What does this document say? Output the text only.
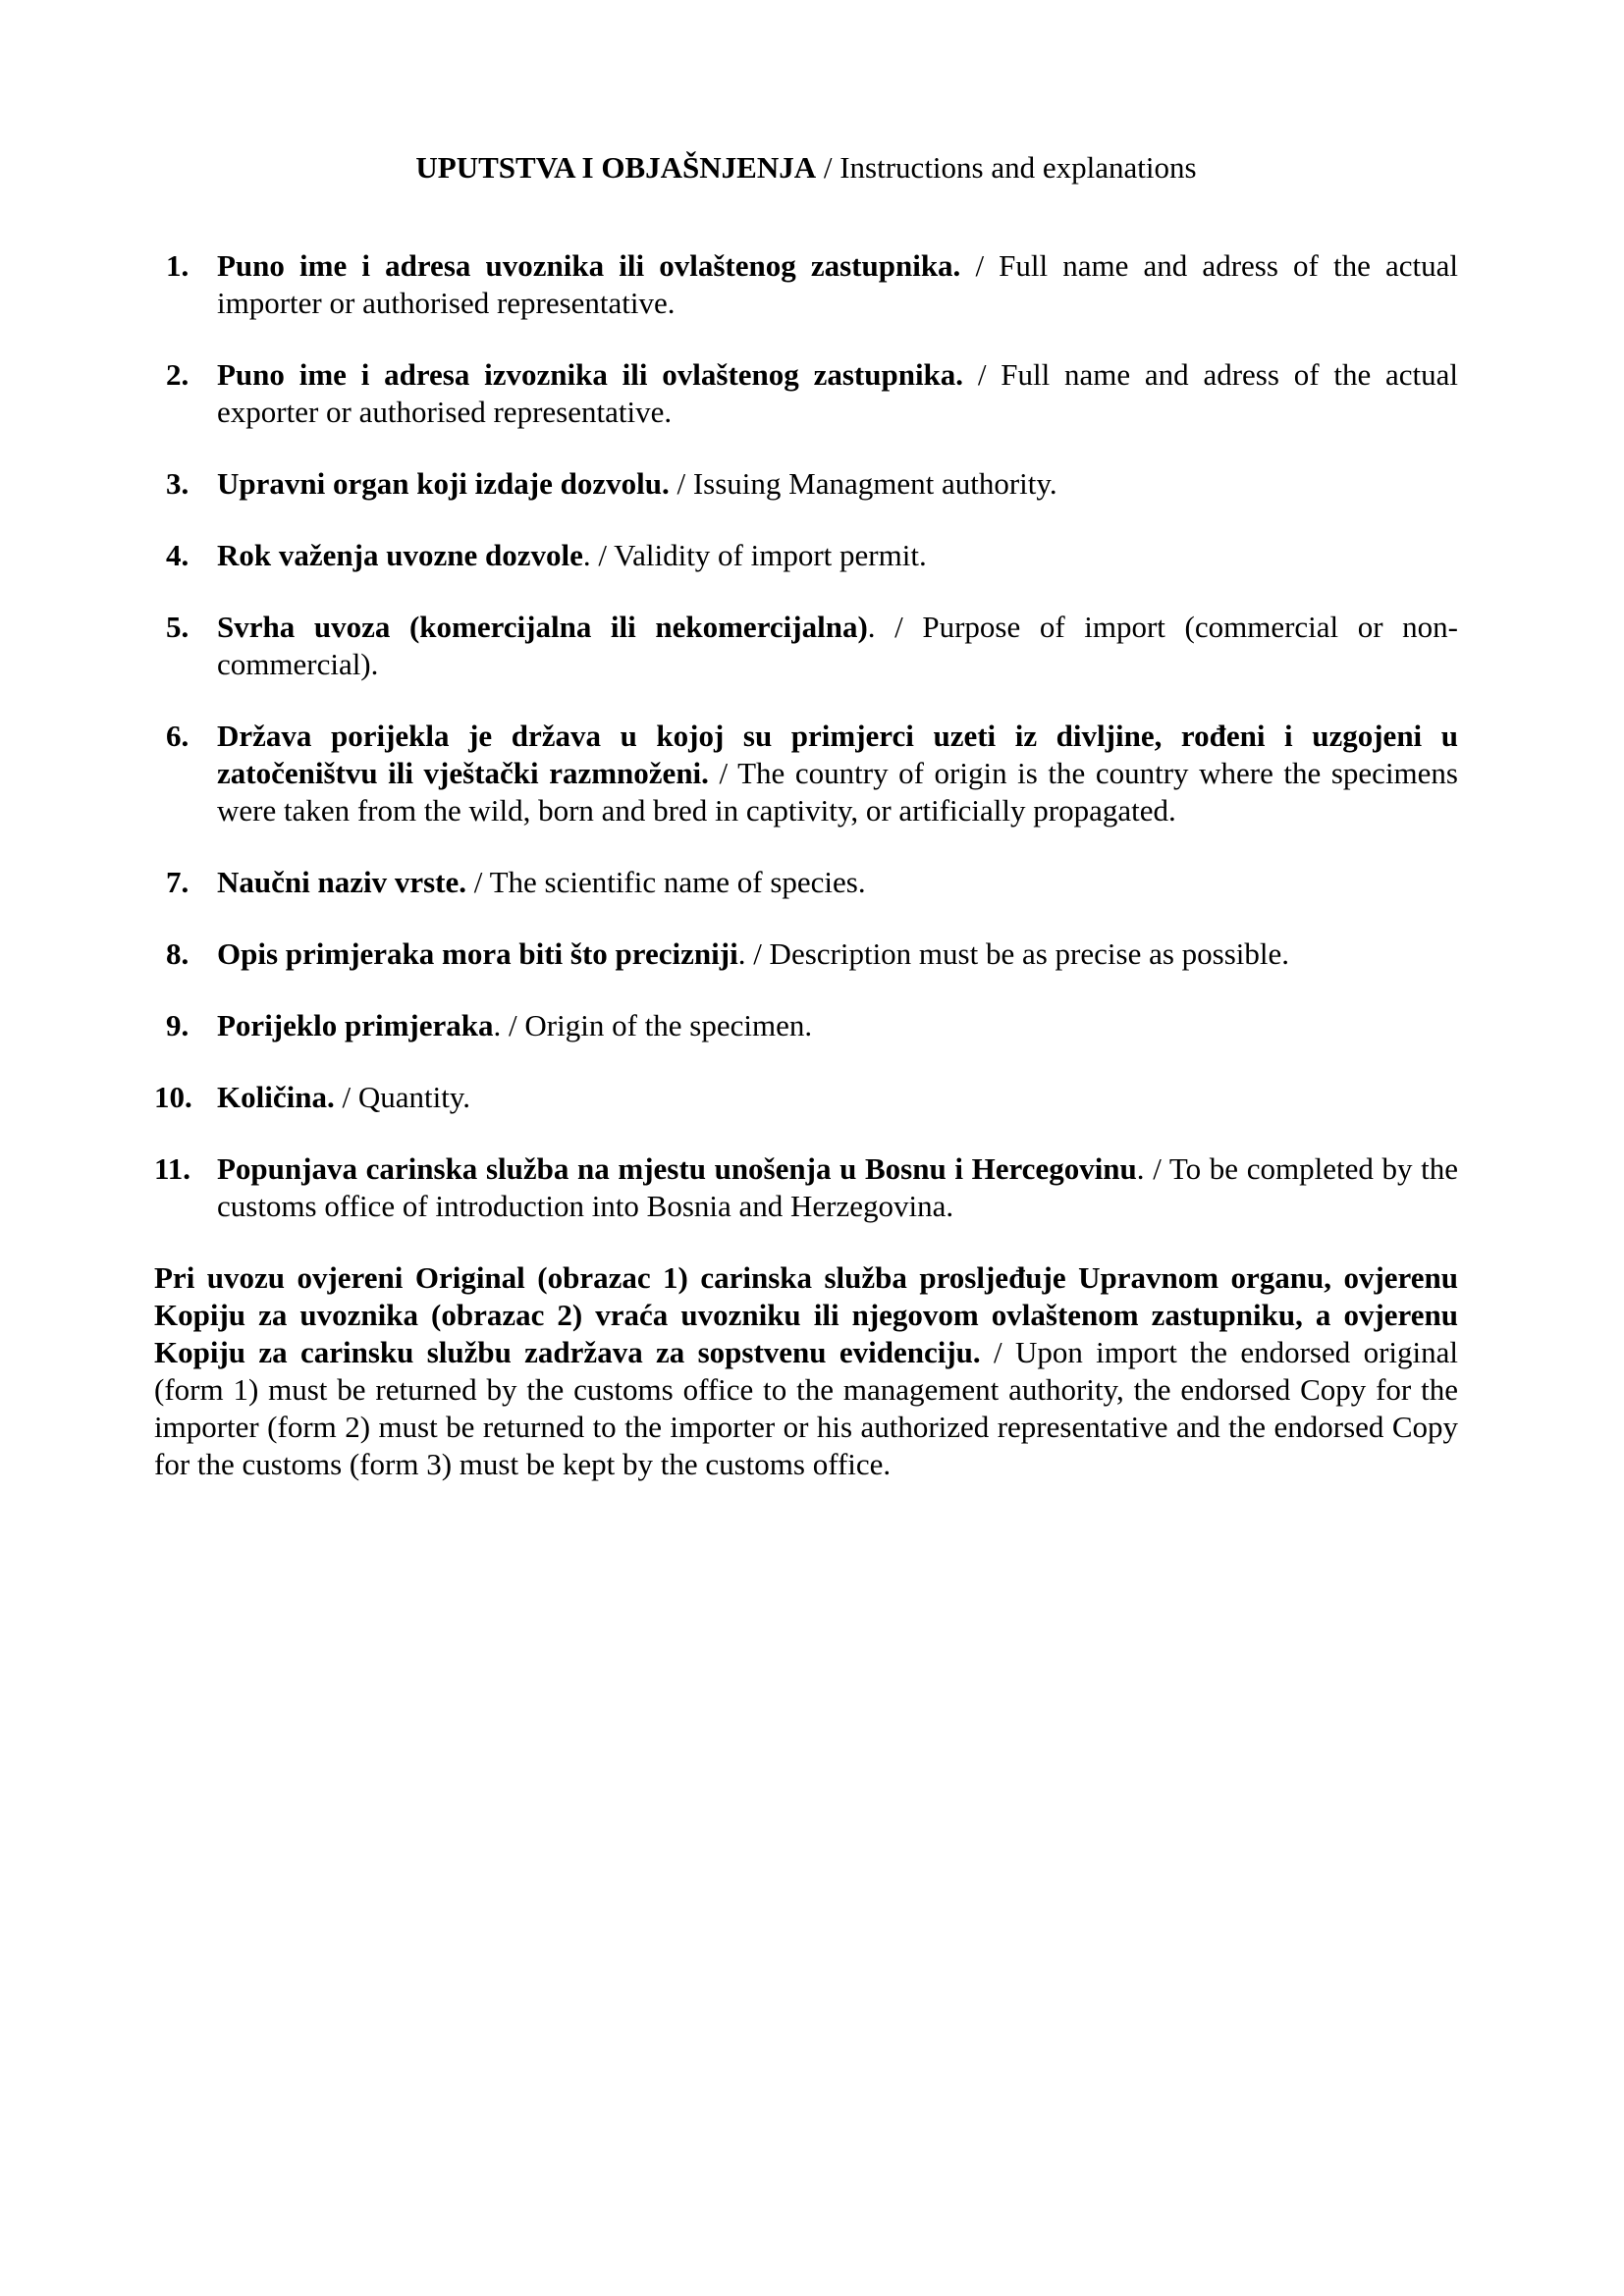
UPUTSTVA I OBJAŠNJENJA / Instructions and explanations

1. Puno ime i adresa uvoznika ili ovlaštenog zastupnika. / Full name and adress of the actual importer or authorised representative.
2. Puno ime i adresa izvoznika ili ovlaštenog zastupnika. / Full name and adress of the actual exporter or authorised representative.
3. Upravni organ koji izdaje dozvolu. / Issuing Managment authority.
4. Rok važenja uvozne dozvole. / Validity of import permit.
5. Svrha uvoza (komercijalna ili nekomercijalna). / Purpose of import (commercial or non-commercial).
6. Država porijekla je država u kojoj su primjerci uzeti iz divljine, rođeni i uzgojeni u zatočeništvu ili vještački razmnoženi. / The country of origin is the country where the specimens were taken from the wild, born and bred in captivity, or artificially propagated.
7. Naučni naziv vrste. / The scientific name of species.
8. Opis primjeraka mora biti što precizniji. / Description must be as precise as possible.
9. Porijeklo primjeraka. / Origin of the specimen.
10. Količina. / Quantity.
11. Popunjava carinska služba na mjestu unošenja u Bosnu i Hercegovinu. / To be completed by the customs office of introduction into Bosnia and Herzegovina.

Pri uvozu ovjereni Original (obrazac 1) carinska služba prosljeđuje Upravnom organu, ovjerenu Kopiju za uvoznika (obrazac 2) vraća uvozniku ili njegovom ovlaštenom zastupniku, a ovjerenu Kopiju za carinsku službu zadržava za sopstvenu evidenciju. / Upon import the endorsed original (form 1) must be returned by the customs office to the management authority, the endorsed Copy for the importer (form 2) must be returned to the importer or his authorized representative and the endorsed Copy for the customs (form 3) must be kept by the customs office.
